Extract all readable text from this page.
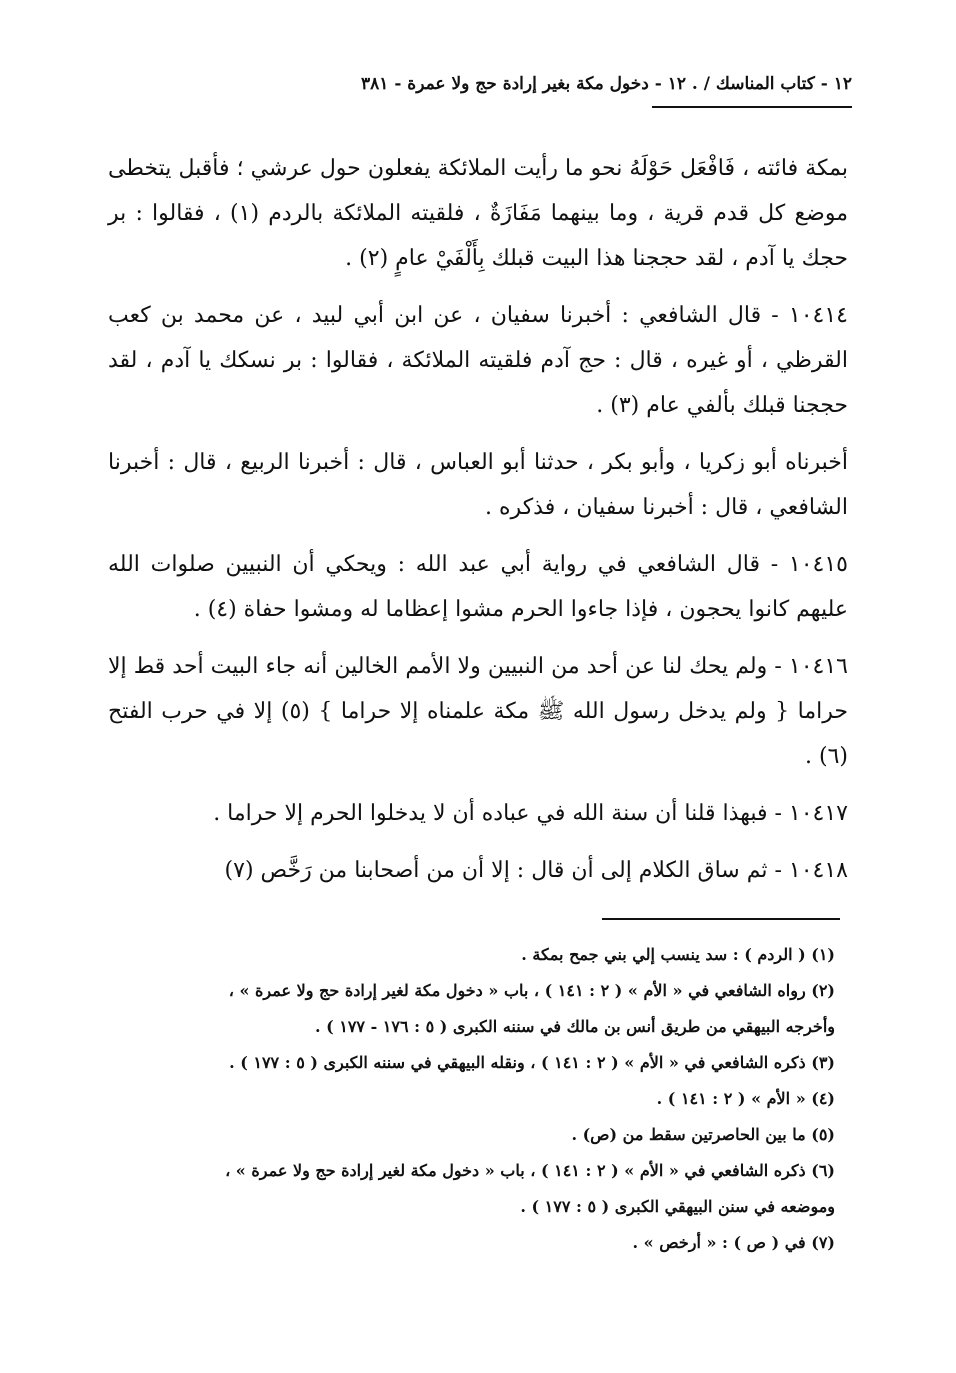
١٢ - كتاب المناسك / . ١٢ - دخول مكة بغير إرادة حج ولا عمرة - ٣٨١

بمكة فائته ، فَافْعَل حَوْلَهُ نحو ما رأيت الملائكة يفعلون حول عرشي ؛ فأقبل يتخطى موضع كل قدم قرية ، وما بينهما مَفَازَةٌ ، فلقيته الملائكة بالردم (١) ، فقالوا : بر حجك يا آدم ، لقد حججنا هذا البيت قبلك بِأَلْفَيْ عامٍ (٢) .

١٠٤١٤ - قال الشافعي : أخبرنا سفيان ، عن ابن أبي لبيد ، عن محمد بن كعب القرظي ، أو غيره ، قال : حج آدم فلقيته الملائكة ، فقالوا : بر نسكك يا آدم ، لقد حججنا قبلك بألفي عام (٣) .

أخبرناه أبو زكريا ، وأبو بكر ، حدثنا أبو العباس ، قال : أخبرنا الربيع ، قال : أخبرنا الشافعي ، قال : أخبرنا سفيان ، فذكره .

١٠٤١٥ - قال الشافعي في رواية أبي عبد الله : ويحكي أن النبيين صلوات الله عليهم كانوا يحجون ، فإذا جاءوا الحرم مشوا إعظاما له ومشوا حفاة (٤) .

١٠٤١٦ - ولم يحك لنا عن أحد من النبيين ولا الأمم الخالين أنه جاء البيت أحد قط إلا حراما { ولم يدخل رسول الله ﷺ مكة علمناه إلا حراما } (٥) إلا في حرب الفتح (٦) .

١٠٤١٧ - فبهذا قلنا أن سنة الله في عباده أن لا يدخلوا الحرم إلا حراما .

١٠٤١٨ - ثم ساق الكلام إلى أن قال : إلا أن من أصحابنا من رَخَّص (٧)

(١) ( الردم ) : سد ينسب إلي بني جمح بمكة .

(٢) رواه الشافعي في « الأم » ( ٢ : ١٤١ ) ، باب « دخول مكة لغير إرادة حج ولا عمرة » ،

وأخرجه البيهقي من طريق أنس بن مالك في سننه الكبرى ( ٥ : ١٧٦ - ١٧٧ ) .

(٣) ذكره الشافعي في « الأم » ( ٢ : ١٤١ ) ، ونقله البيهقي في سننه الكبرى ( ٥ : ١٧٧ ) .

(٤) « الأم » ( ٢ : ١٤١ ) .

(٥) ما بين الحاصرتين سقط من (ص) .

(٦) ذكره الشافعي في « الأم » ( ٢ : ١٤١ ) ، باب « دخول مكة لغير إرادة حج ولا عمرة » ،

وموضعه في سنن البيهقي الكبرى ( ٥ : ١٧٧ ) .

(٧) في ( ص ) : « أرخص » .
